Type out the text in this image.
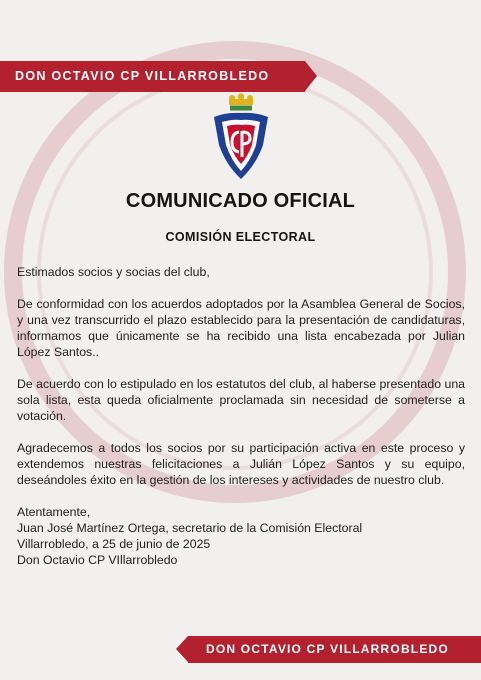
DON OCTAVIO CP VILLARROBLEDO
COMUNICADO OFICIAL
COMISIÓN ELECTORAL

Estimados socios y socias del club,

De conformidad con los acuerdos adoptados por la Asamblea General de Socios, y una vez transcurrido el plazo establecido para la presentación de candidaturas, informamos que únicamente se ha recibido una lista encabezada por Julian López Santos..

De acuerdo con lo estipulado en los estatutos del club, al haberse presentado una sola lista, esta queda oficialmente proclamada sin necesidad de someterse a votación.

Agradecemos a todos los socios por su participación activa en este proceso y extendemos nuestras felicitaciones a Julián López Santos y su equipo, deseándoles éxito en la gestión de los intereses y actividades de nuestro club.

Atentamente,

Juan José Martínez Ortega, secretario de la Comisión Electoral

Villarrobledo, a 25 de junio de 2025

Don Octavio CP VIllarrobledo

DON OCTAVIO CP VILLARROBLEDO
